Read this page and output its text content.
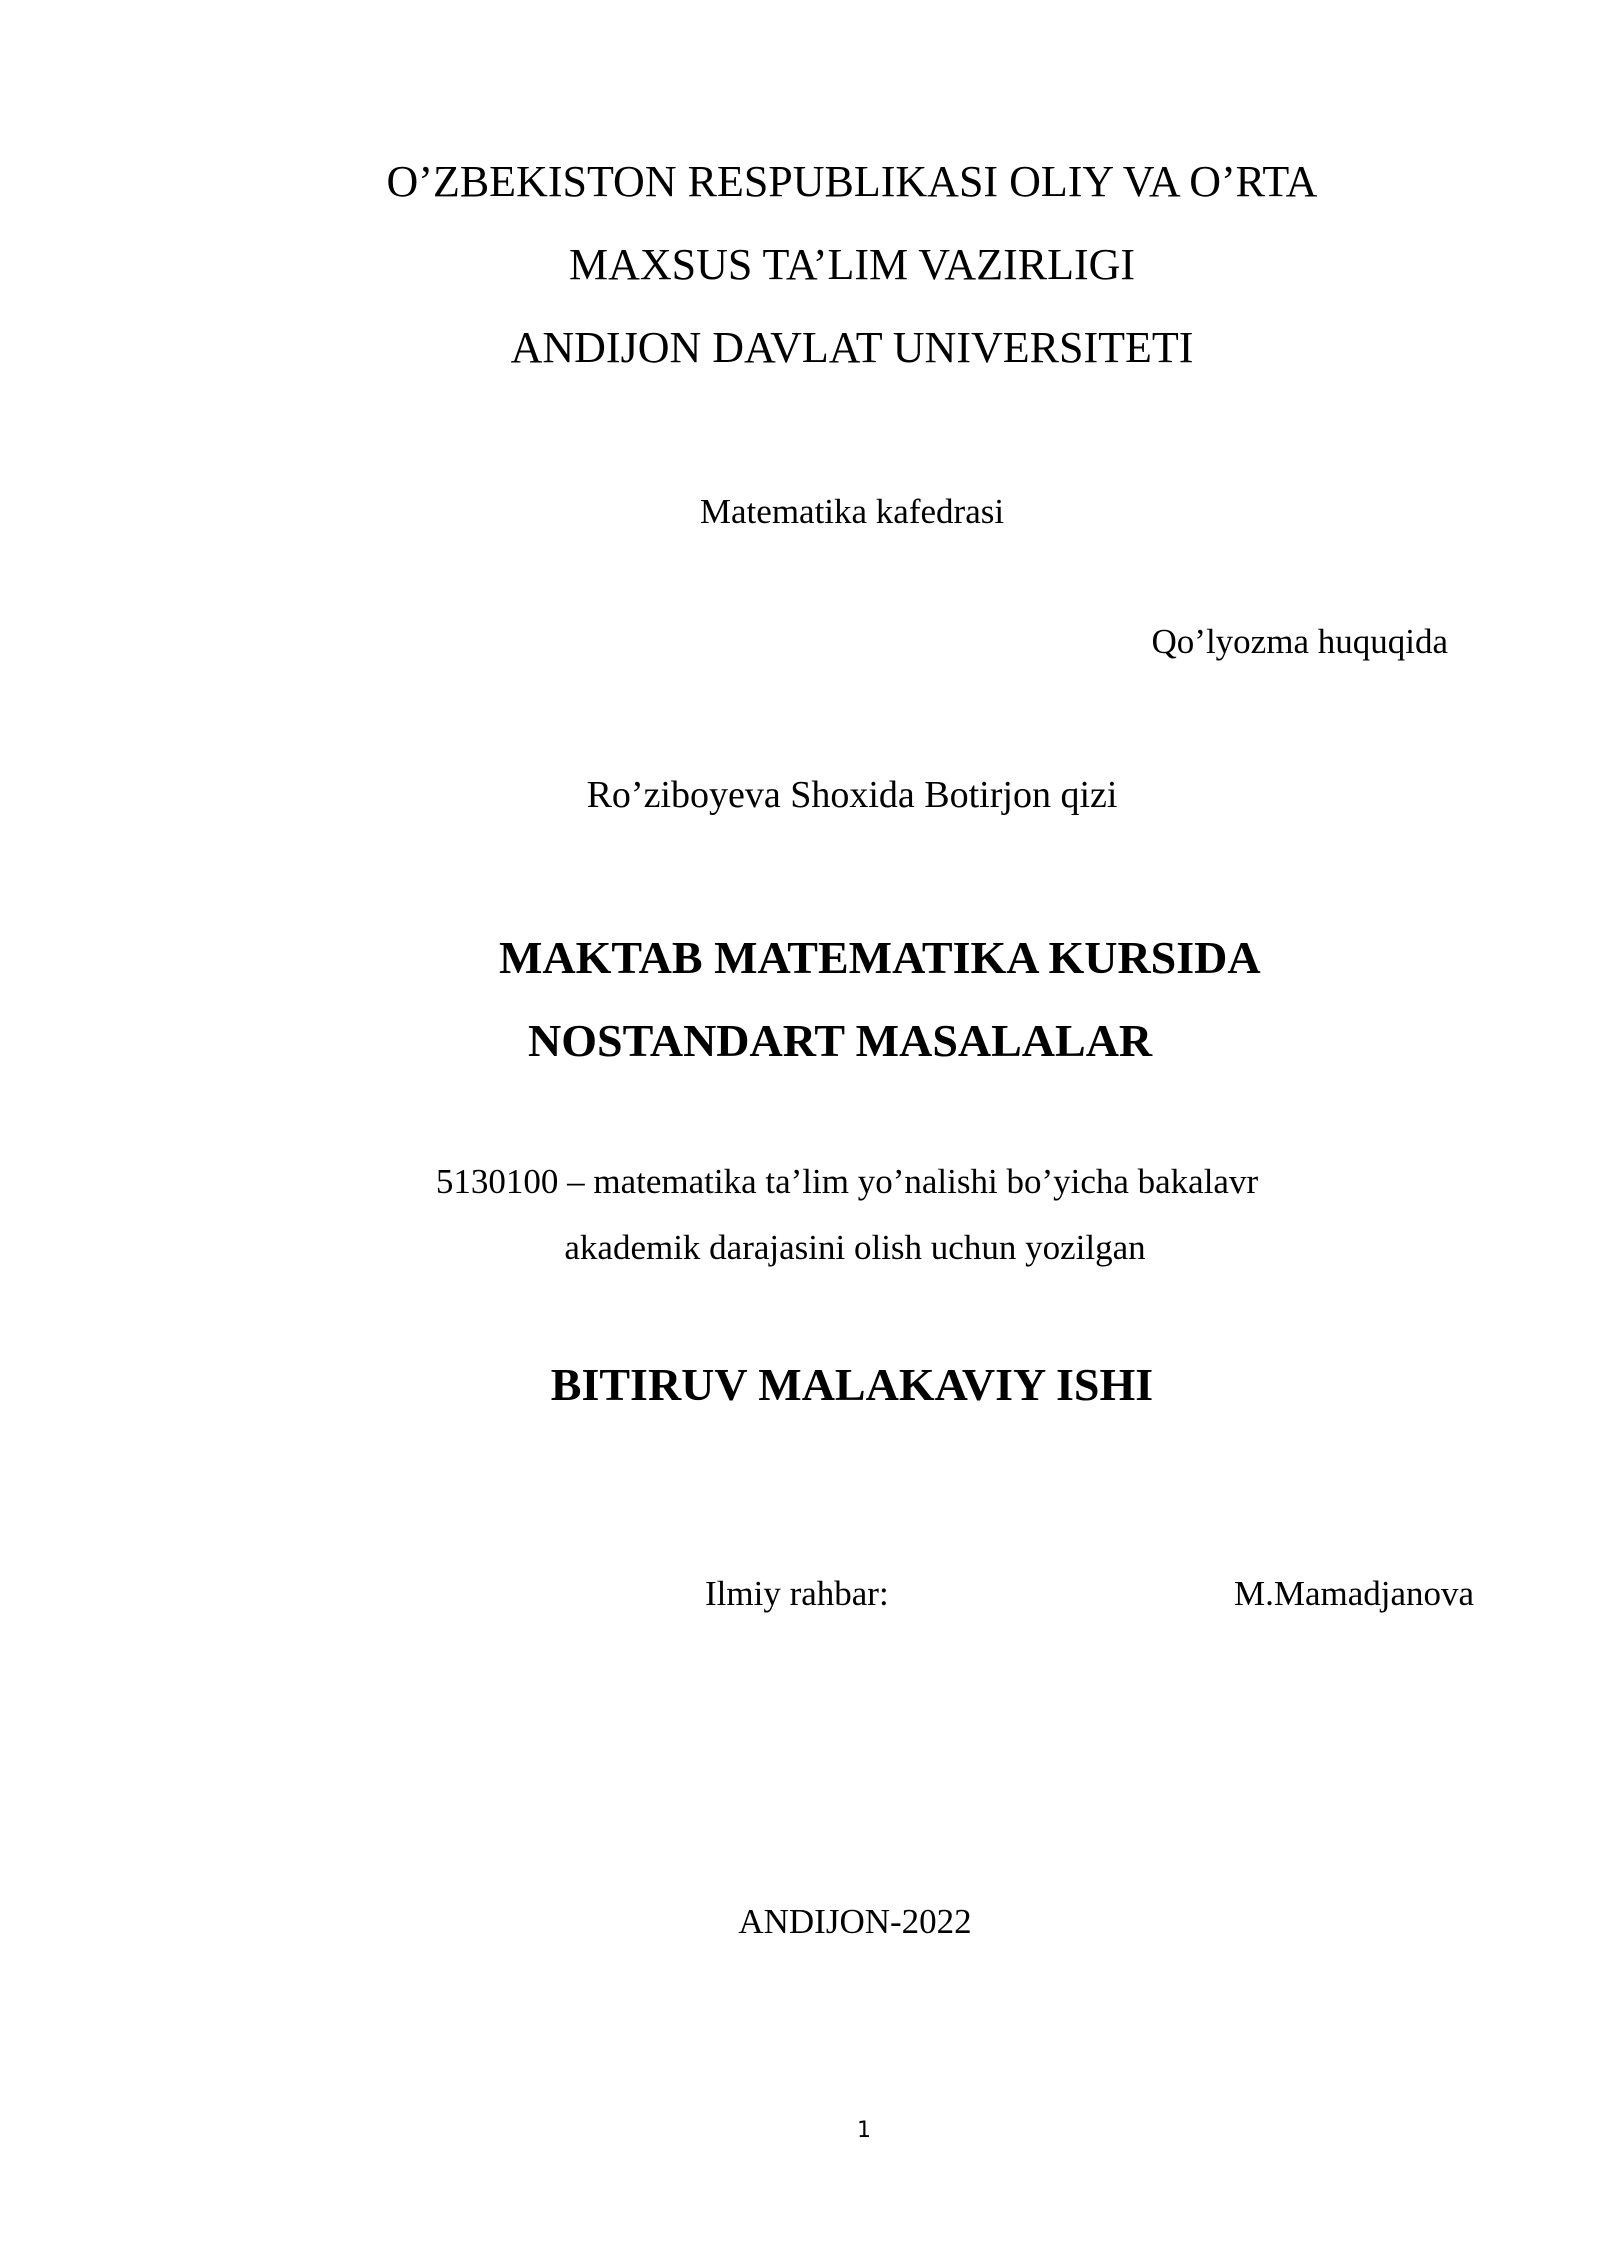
O’ZBEKISTON RESPUBLIKASI OLIY VA O’RTA
MAXSUS TA’LIM VAZIRLIGI
ANDIJON DAVLAT UNIVERSITETI
Matematika kafedrasi
Qo’lyozma huquqida
Ro’ziboyeva Shoxida Botirjon qizi
MAKTAB MATEMATIKA KURSIDA
NOSTANDART MASALALAR
5130100 – matematika ta’lim yo’nalishi bo’yicha bakalavr
akademik darajasini olish uchun yozilgan
BITIRUV MALAKAVIY ISHI
Ilmiy rahbar:	M.Mamadjanova
ANDIJON-2022
1
